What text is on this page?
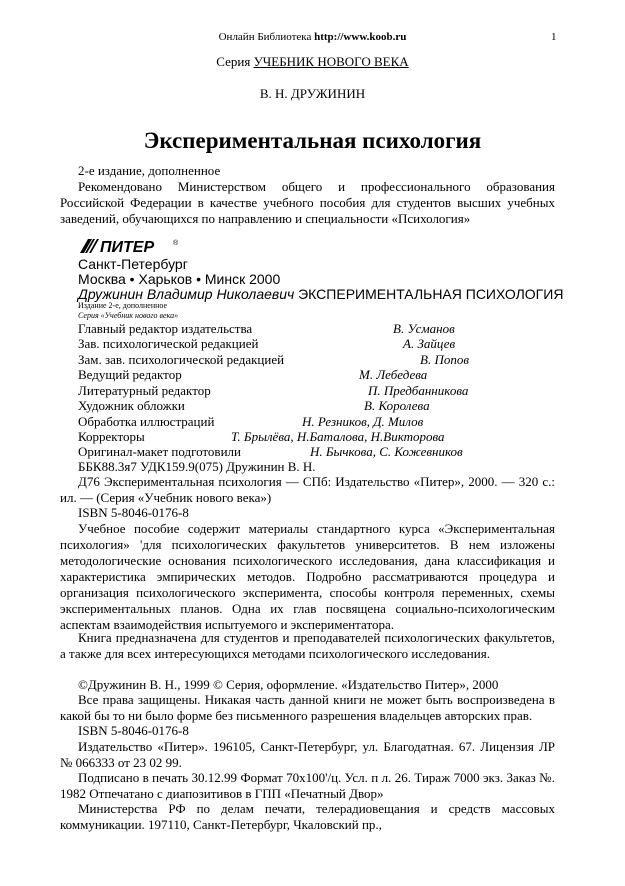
Онлайн Библиотека http://www.koob.ru	1
Серия УЧЕБНИК НОВОГО ВЕКА
В. Н. ДРУЖИНИН
Экспериментальная психология
2-е издание, дополненное
Рекомендовано Министерством общего и профессионального образования Российской Федерации в качестве учебного пособия для студентов высших учебных заведений, обучающихся по направлению и специальности «Психология»
ПИТЕР	®
Санкт-Петербург
Москва • Харьков • Минск 2000
Дружинин Владимир Николаевич ЭКСПЕРИМЕНТАЛЬНАЯ ПСИХОЛОГИЯ
Издание 2-е, дополненное
Серия «Учебник нового века»
Главный редактор издательства	В. Усманов
Зав. психологической редакцией	А. Зайцев
Зам. зав. психологической редакцией	В. Попов
Ведущий редактор	М. Лебедева
Литературный редактор	П. Предбанникова
Художник обложки	В. Королева
Обработка иллюстраций	Н. Резников, Д. Милов
Корректоры	Т. Брылёва, Н.Баталова, Н.Викторова
Оригинал-макет подготовили	Н. Бычкова, С. Кожевников
ББК88.3я7 УДК159.9(075) Дружинин В. Н.
Д76 Экспериментальная психология — СПб: Издательство «Питер», 2000. — 320 с.: ил. — (Серия «Учебник нового века»)
ISBN 5-8046-0176-8
Учебное пособие содержит материалы стандартного курса «Экспериментальная психология» 'для психологических факультетов университетов. В нем изложены методологические основания психологического исследования, дана классификация и характеристика эмпирических методов. Подробно рассматриваются процедура и организация психологического эксперимента, способы контроля переменных, схемы экспериментальных планов. Одна их глав посвящена социально-психологическим аспектам взаимодействия испытуемого и экспериментатора.
Книга предназначена для студентов и преподавателей психологических факультетов, а также для всех интересующихся методами психологического исследования.
©Дружинин В. Н., 1999 © Серия, оформление. «Издательство Питер», 2000
Все права защищены. Никакая часть данной книги не может быть воспроизведена в какой бы то ни было форме без письменного разрешения владельцев авторских прав.
ISBN 5-8046-0176-8
Издательство «Питер». 196105, Санкт-Петербург, ул. Благодатная. 67. Лицензия ЛР № 066333 от 23 02 99.
Подписано в печать 30.12.99 Формат 70x100'/ц. Усл. п л. 26. Тираж 7000 экз. Заказ №. 1982 Отпечатано с диапозитивов в ГПП «Печатный Двор»
Министерства РФ по делам печати, телерадиовещания и средств массовых коммуникации. 197110, Санкт-Петербург, Чкаловский пр.,
